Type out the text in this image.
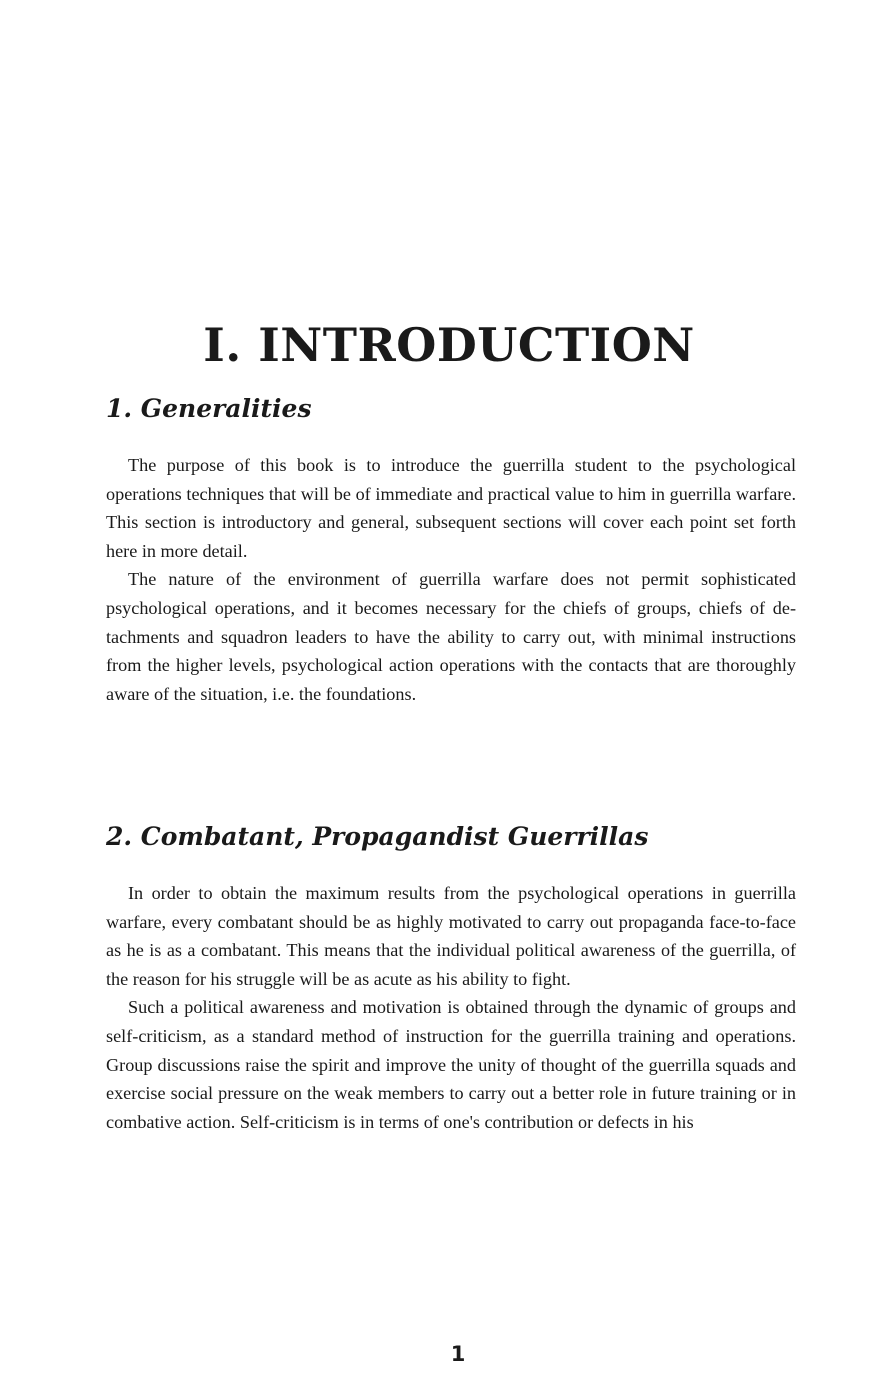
I. INTRODUCTION
1. Generalities

The purpose of this book is to introduce the guerrilla student to the psychological operations techniques that will be of immediate and practical value to him in guerrilla warfare. This section is introductory and general, subsequent sections will cover each point set forth here in more detail.

The nature of the environment of guerrilla warfare does not permit sophisticated psychological operations, and it becomes necessary for the chiefs of groups, chiefs of detachments and squadron leaders to have the ability to carry out, with minimal instructions from the higher levels, psychological action operations with the contacts that are thoroughly aware of the situation, i.e. the foundations.

2. Combatant, Propagandist Guerrillas

In order to obtain the maximum results from the psychological operations in guerrilla warfare, every combatant should be as highly motivated to carry out propaganda face-to-face as he is as a combatant. This means that the individual political awareness of the guerrilla, of the reason for his struggle will be as acute as his ability to fight.

Such a political awareness and motivation is obtained through the dynamic of groups and self-criticism, as a standard method of instruction for the guerrilla training and operations. Group discussions raise the spirit and improve the unity of thought of the guerrilla squads and exercise social pressure on the weak members to carry out a better role in future training or in combative action. Self-criticism is in terms of one's contribution or defects in his

1
